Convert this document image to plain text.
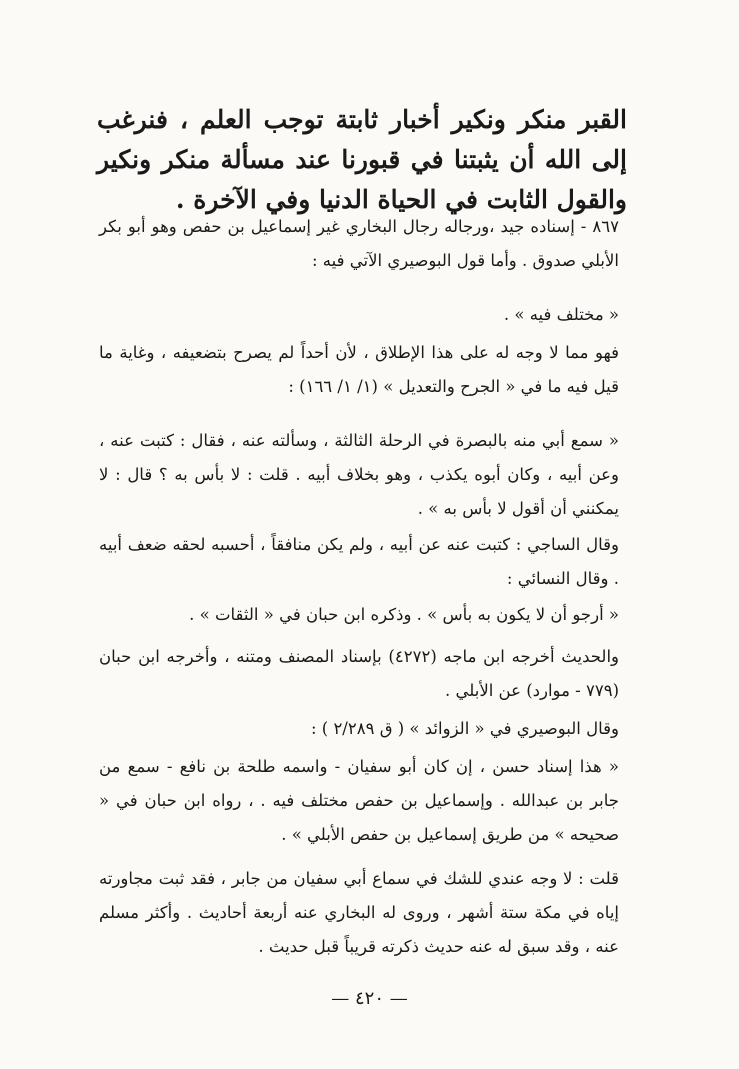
القبر منكر ونكير أخبار ثابتة توجب العلم ، فنرغب إلى الله أن يثبتنا في قبورنا عند مسألة منكر ونكير والقول الثابت في الحياة الدنيا وفي الآخرة .

٨٦٧ - إسناده جيد ،ورجاله رجال البخاري غير إسماعيل بن حفص وهو أبو بكر الأبلي صدوق . وأما قول البوصيري الآتي فيه :

« مختلف فيه » .

فهو مما لا وجه له على هذا الإطلاق ، لأن أحداً لم يصرح بتضعيفه ، وغاية ما قيل فيه ما في « الجرح والتعديل » (١/ ١/ ١٦٦) :

« سمع أبي منه بالبصرة في الرحلة الثالثة ، وسألته عنه ، فقال : كتبت عنه ، وعن أبيه ، وكان أبوه يكذب ، وهو بخلاف أبيه . قلت : لا بأس به ؟ قال : لا يمكنني أن أقول لا بأس به » .

وقال الساجي : كتبت عنه عن أبيه ، ولم يكن منافقاً ، أحسبه لحقه ضعف أبيه . وقال النسائي :

« أرجو أن لا يكون به بأس » . وذكره ابن حبان في « الثقات » .

والحديث أخرجه ابن ماجه (٤٢٧٢) بإسناد المصنف ومتنه ، وأخرجه ابن حبان (٧٧٩ - موارد) عن الأبلي .

وقال البوصيري في « الزوائد » ( ق ٢/٢٨٩ ) :

« هذا إسناد حسن ، إن كان أبو سفيان - واسمه طلحة بن نافع - سمع من جابر بن عبدالله . وإسماعيل بن حفص مختلف فيه . ، رواه ابن حبان في « صحيحه » من طريق إسماعيل بن حفص الأبلي » .

قلت : لا وجه عندي للشك في سماع أبي سفيان من جابر ، فقد ثبت مجاورته إياه في مكة ستة أشهر ، وروى له البخاري عنه أربعة أحاديث . وأكثر مسلم عنه ، وقد سبق له عنه حديث ذكرته قريباً قبل حديث .

— ٤٢٠ —
